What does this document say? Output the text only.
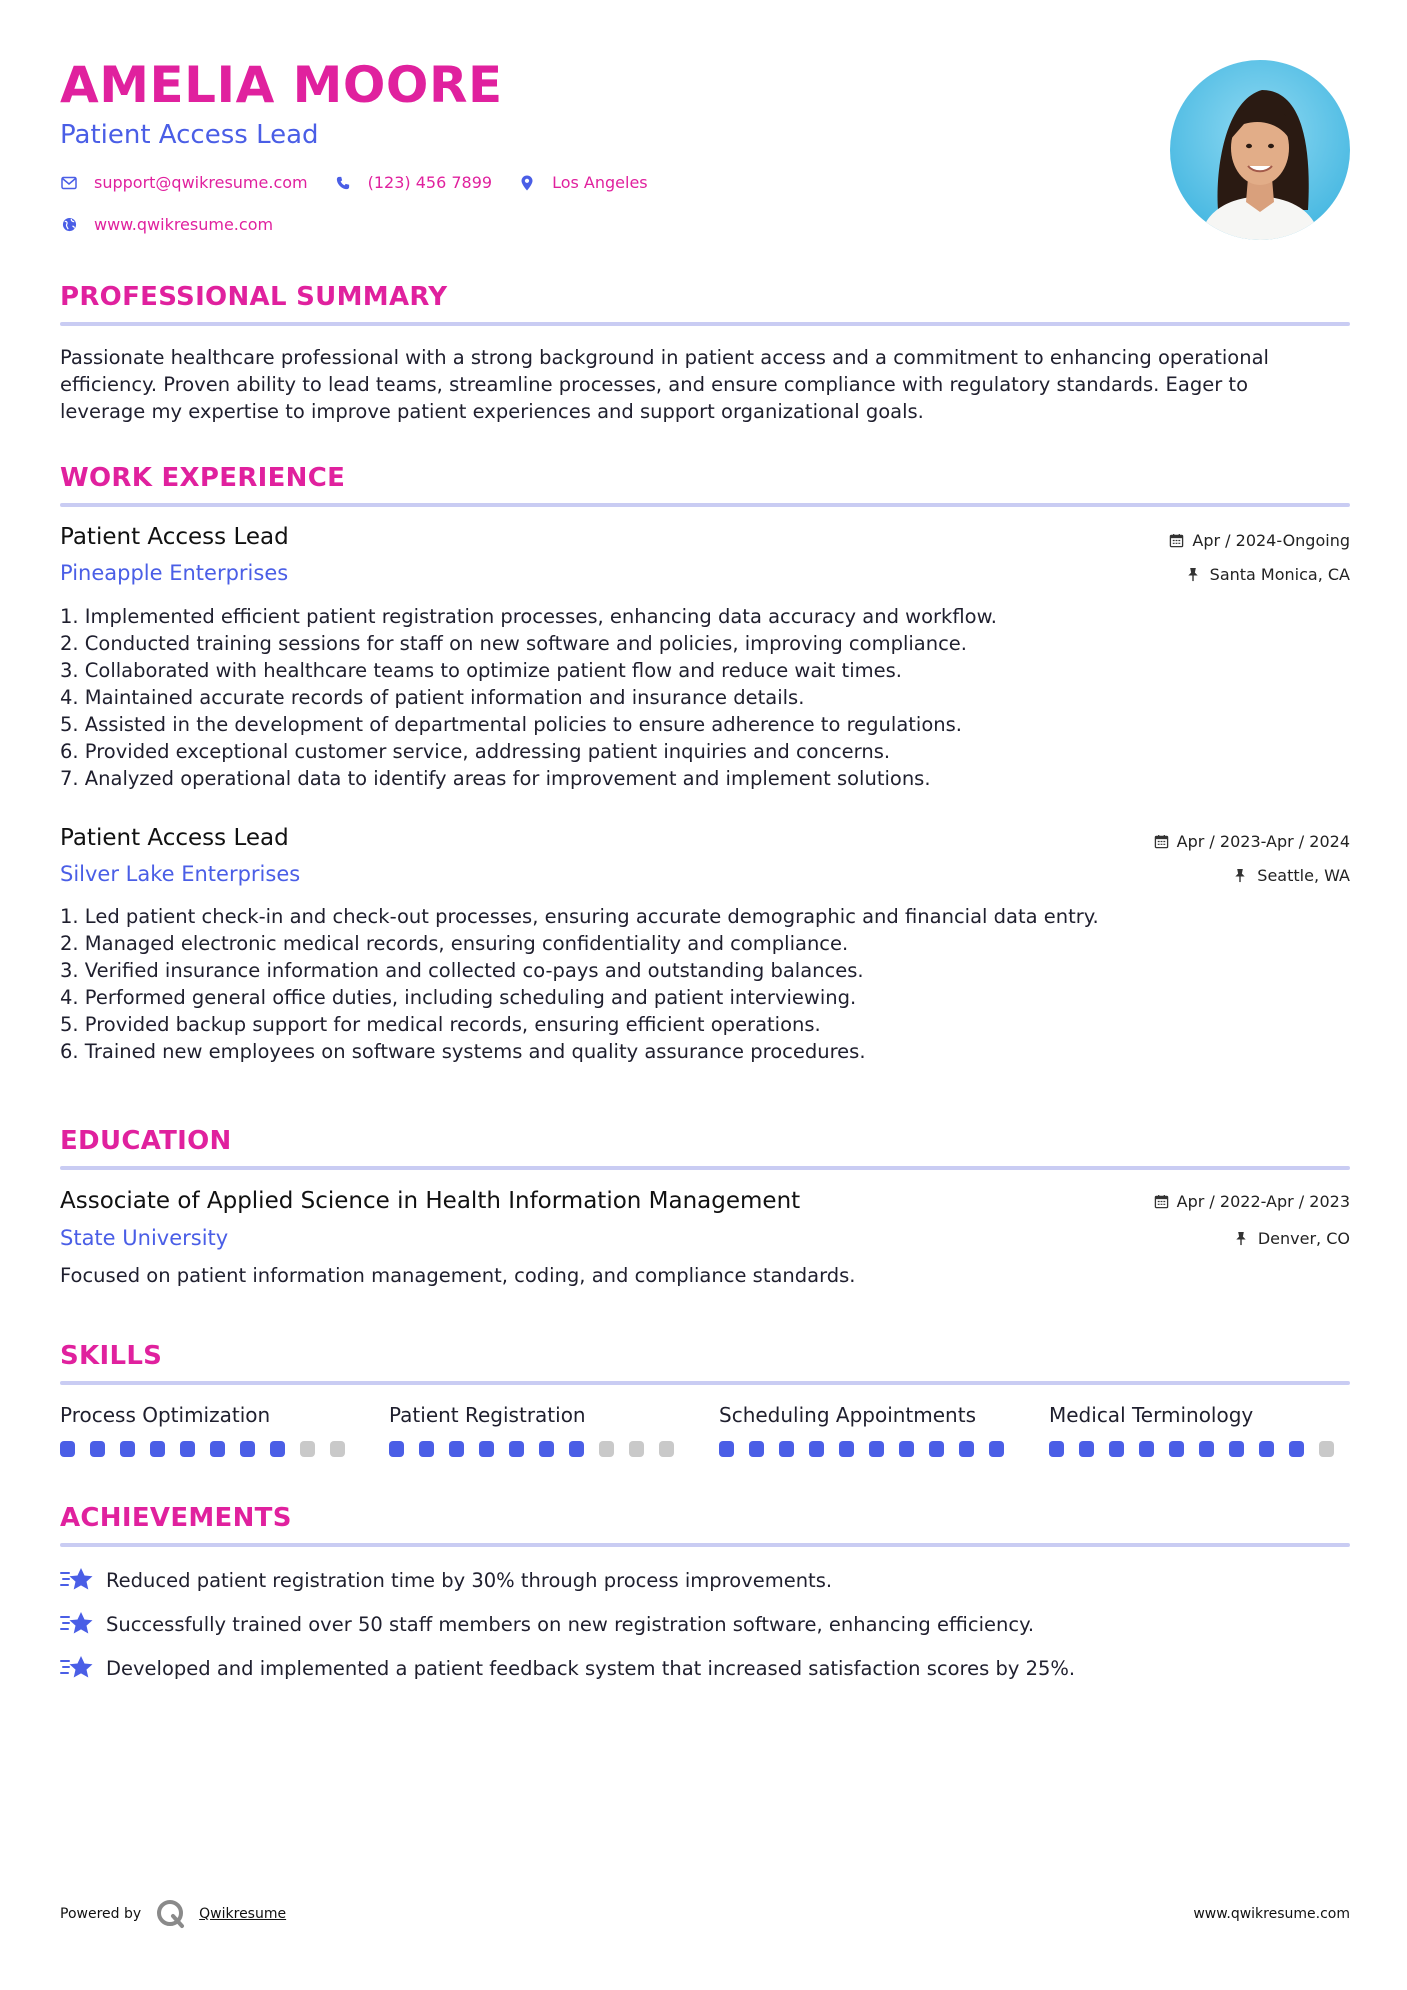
AMELIA MOORE
Patient Access Lead
support@qwikresume.com	(123) 456 7899	Los Angeles
www.qwikresume.com
PROFESSIONAL SUMMARY

Passionate healthcare professional with a strong background in patient access and a commitment to enhancing operational efficiency. Proven ability to lead teams, streamline processes, and ensure compliance with regulatory standards. Eager to leverage my expertise to improve patient experiences and support organizational goals.

WORK EXPERIENCE
Patient Access Lead	Apr / 2024-Ongoing
Pineapple Enterprises	Santa Monica, CA
1. Implemented efficient patient registration processes, enhancing data accuracy and workflow.
2. Conducted training sessions for staff on new software and policies, improving compliance.
3. Collaborated with healthcare teams to optimize patient flow and reduce wait times.
4. Maintained accurate records of patient information and insurance details.
5. Assisted in the development of departmental policies to ensure adherence to regulations.
6. Provided exceptional customer service, addressing patient inquiries and concerns.
7. Analyzed operational data to identify areas for improvement and implement solutions.
Patient Access Lead	Apr / 2023-Apr / 2024
Silver Lake Enterprises	Seattle, WA
1. Led patient check-in and check-out processes, ensuring accurate demographic and financial data entry.
2. Managed electronic medical records, ensuring confidentiality and compliance.
3. Verified insurance information and collected co-pays and outstanding balances.
4. Performed general office duties, including scheduling and patient interviewing.
5. Provided backup support for medical records, ensuring efficient operations.
6. Trained new employees on software systems and quality assurance procedures.
EDUCATION
Associate of Applied Science in Health Information Management	Apr / 2022-Apr / 2023
State University	Denver, CO

Focused on patient information management, coding, and compliance standards.

SKILLS
Process Optimization	Patient Registration	Scheduling Appointments	Medical Terminology
ACHIEVEMENTS
Reduced patient registration time by 30% through process improvements.
Successfully trained over 50 staff members on new registration software, enhancing efficiency.
Developed and implemented a patient feedback system that increased satisfaction scores by 25%.
Powered by	Qwikresume	www.qwikresume.com
